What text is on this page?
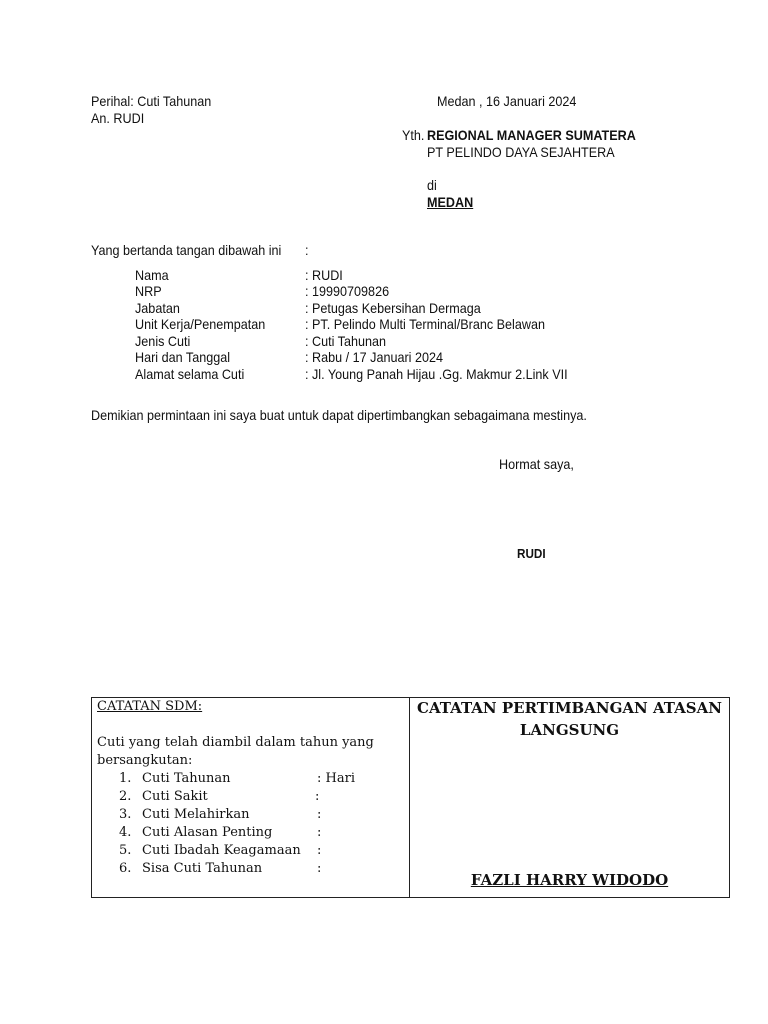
Perihal: Cuti Tahunan
An. RUDI
Medan , 16 Januari 2024
Yth. REGIONAL MANAGER SUMATERA
PT PELINDO DAYA SEJAHTERA
di
MEDAN
Yang bertanda tangan dibawah ini :
Nama	: RUDI
NRP	: 19990709826
Jabatan	: Petugas Kebersihan Dermaga
Unit Kerja/Penempatan	: PT. Pelindo Multi Terminal/Branc Belawan
Jenis Cuti	: Cuti Tahunan
Hari dan Tanggal	: Rabu / 17 Januari 2024
Alamat selama Cuti	: Jl. Young Panah Hijau .Gg. Makmur 2.Link VII
Demikian permintaan ini saya buat untuk dapat dipertimbangkan sebagaimana mestinya.
Hormat saya,
RUDI
CATATAN SDM:
Cuti yang telah diambil dalam tahun yang
bersangkutan:
1. Cuti Tahunan	: Hari
2. Cuti Sakit	:
3. Cuti Melahirkan	:
4. Cuti Alasan Penting	:
5. Cuti Ibadah Keagamaan :
6. Sisa Cuti Tahunan	:
CATATAN PERTIMBANGAN ATASAN
LANGSUNG
FAZLI HARRY WIDODO
